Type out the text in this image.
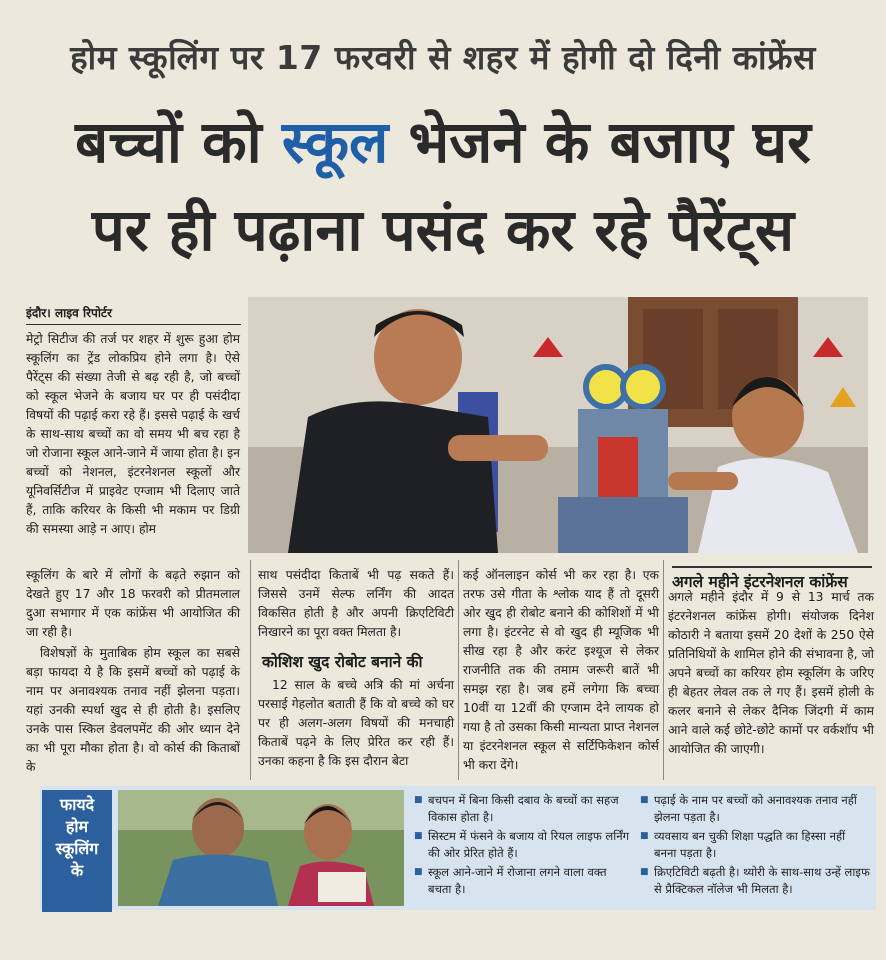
होम स्कूलिंग पर 17 फरवरी से शहर में होगी दो दिनी कांफ्रेंस
बच्चों को स्कूल भेजने के बजाए घर
पर ही पढ़ाना पसंद कर रहे पैरेंट्स
इंदौर। लाइव रिपोर्टर

मेट्रो सिटीज की तर्ज पर शहर में शुरू हुआ होम स्कूलिंग का ट्रेंड लोकप्रिय होने लगा है। ऐसे पैरेंट्स की संख्या तेजी से बढ़ रही है, जो बच्चों को स्कूल भेजने के बजाय घर पर ही पसंदीदा विषयों की पढ़ाई करा रहे हैं। इससे पढ़ाई के खर्च के साथ-साथ बच्चों का वो समय भी बच रहा है जो रोजाना स्कूल आने-जाने में जाया होता है। इन बच्चों को नेशनल, इंटरनेशनल स्कूलों और यूनिवर्सिटीज में प्राइवेट एग्जाम भी दिलाए जाते हैं, ताकि करियर के किसी भी मकाम पर डिग्री की समस्या आड़े न आए। होम

स्कूलिंग के बारे में लोगों के बढ़ते रुझान को देखते हुए 17 और 18 फरवरी को प्रीतमलाल दुआ सभागार में एक कांफ्रेंस भी आयोजित की जा रही है।

विशेषज्ञों के मुताबिक होम स्कूल का सबसे बड़ा फायदा ये है कि इसमें बच्चों को पढ़ाई के नाम पर अनावश्यक तनाव नहीं झेलना पड़ता। यहां उनकी स्पर्धा खुद से ही होती है। इसलिए उनके पास स्किल डेवलपमेंट की ओर ध्यान देने का भी पूरा मौका होता है। वो कोर्स की किताबों के

साथ पसंदीदा किताबें भी पढ़ सकते हैं। जिससे उनमें सेल्फ लर्निंग की आदत विकसित होती है और अपनी क्रिएटिविटी निखारने का पूरा वक्त मिलता है।

कोशिश खुद रोबोट बनाने की

12 साल के बच्चे अत्रि की मां अर्चना परसाई गेहलोत बताती हैं कि वो बच्चे को घर पर ही अलग-अलग विषयों की मनचाही किताबें पढ़ने के लिए प्रेरित कर रही हैं। उनका कहना है कि इस दौरान बेटा

कई ऑनलाइन कोर्स भी कर रहा है। एक तरफ उसे गीता के श्लोक याद हैं तो दूसरी ओर खुद ही रोबोट बनाने की कोशिशों में भी लगा है। इंटरनेट से वो खुद ही म्यूजिक भी सीख रहा है और करंट इश्यूज से लेकर राजनीति तक की तमाम जरूरी बातें भी समझ रहा है। जब हमें लगेगा कि बच्चा 10वीं या 12वीं की एग्जाम देने लायक हो गया है तो उसका किसी मान्यता प्राप्त नेशनल या इंटरनेशनल स्कूल से सर्टिफिकेशन कोर्स भी करा देंगे।

अगले महीने इंटरनेशनल कांफ्रेंस

अगले महीने इंदौर में 9 से 13 मार्च तक इंटरनेशनल कांफ्रेंस होगी। संयोजक दिनेश कोठारी ने बताया इसमें 20 देशों के 250 ऐसे प्रतिनिधियों के शामिल होने की संभावना है, जो अपने बच्चों का करियर होम स्कूलिंग के जरिए ही बेहतर लेवल तक ले गए हैं। इसमें होली के कलर बनाने से लेकर दैनिक जिंदगी में काम आने वाले कई छोटे-छोटे कामों पर वर्कशॉप भी आयोजित की जाएगी।

फायदे
होम
स्कूलिंग
के
■ बचपन में बिना किसी दबाव के बच्चों का सहज विकास होता है।
■ सिस्टम में फंसने के बजाय वो रियल लाइफ लर्निंग की ओर प्रेरित होते हैं।
■ स्कूल आने-जाने में रोजाना लगने वाला वक्त बचता है।
■ पढ़ाई के नाम पर बच्चों को अनावश्यक तनाव नहीं झेलना पड़ता है।
■ व्यवसाय बन चुकी शिक्षा पद्धति का हिस्सा नहीं बनना पड़ता है।
■ क्रिएटिविटी बढ़ती है। थ्योरी के साथ-साथ उन्हें लाइफ से प्रैक्टिकल नॉलेज भी मिलता है।
